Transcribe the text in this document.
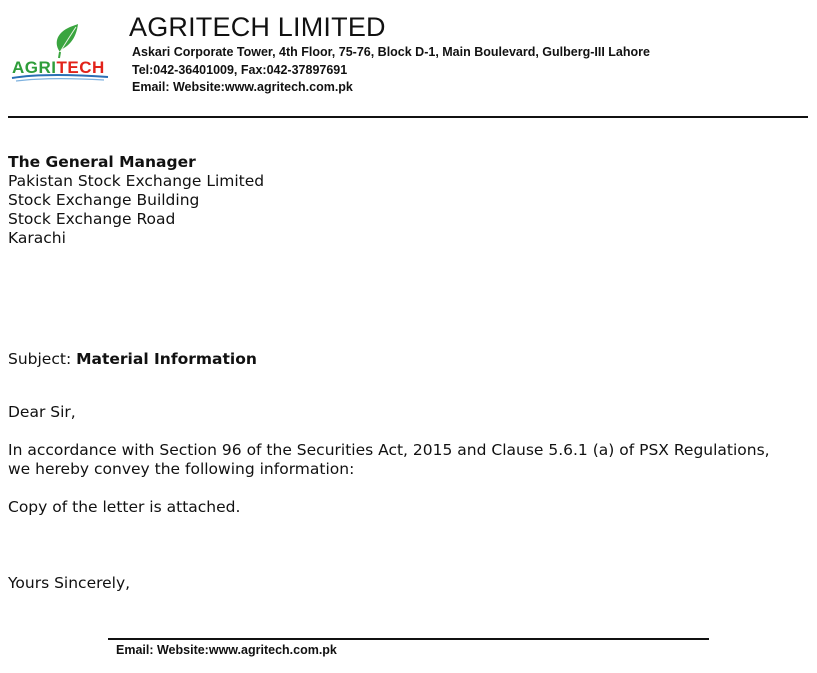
AGRITECH
AGRITECH LIMITED
Askari Corporate Tower, 4th Floor, 75-76, Block D-1, Main Boulevard, Gulberg-III Lahore
Tel:042-36401009, Fax:042-37897691
Email: Website:www.agritech.com.pk
The General Manager
Pakistan Stock Exchange Limited
Stock Exchange Building
Stock Exchange Road
Karachi
Subject: Material Information
Dear Sir,
In accordance with Section 96 of the Securities Act, 2015 and Clause 5.6.1 (a) of PSX Regulations,
we hereby convey the following information:
Copy of the letter is attached.
Yours Sincerely,
Email: Website:www.agritech.com.pk
